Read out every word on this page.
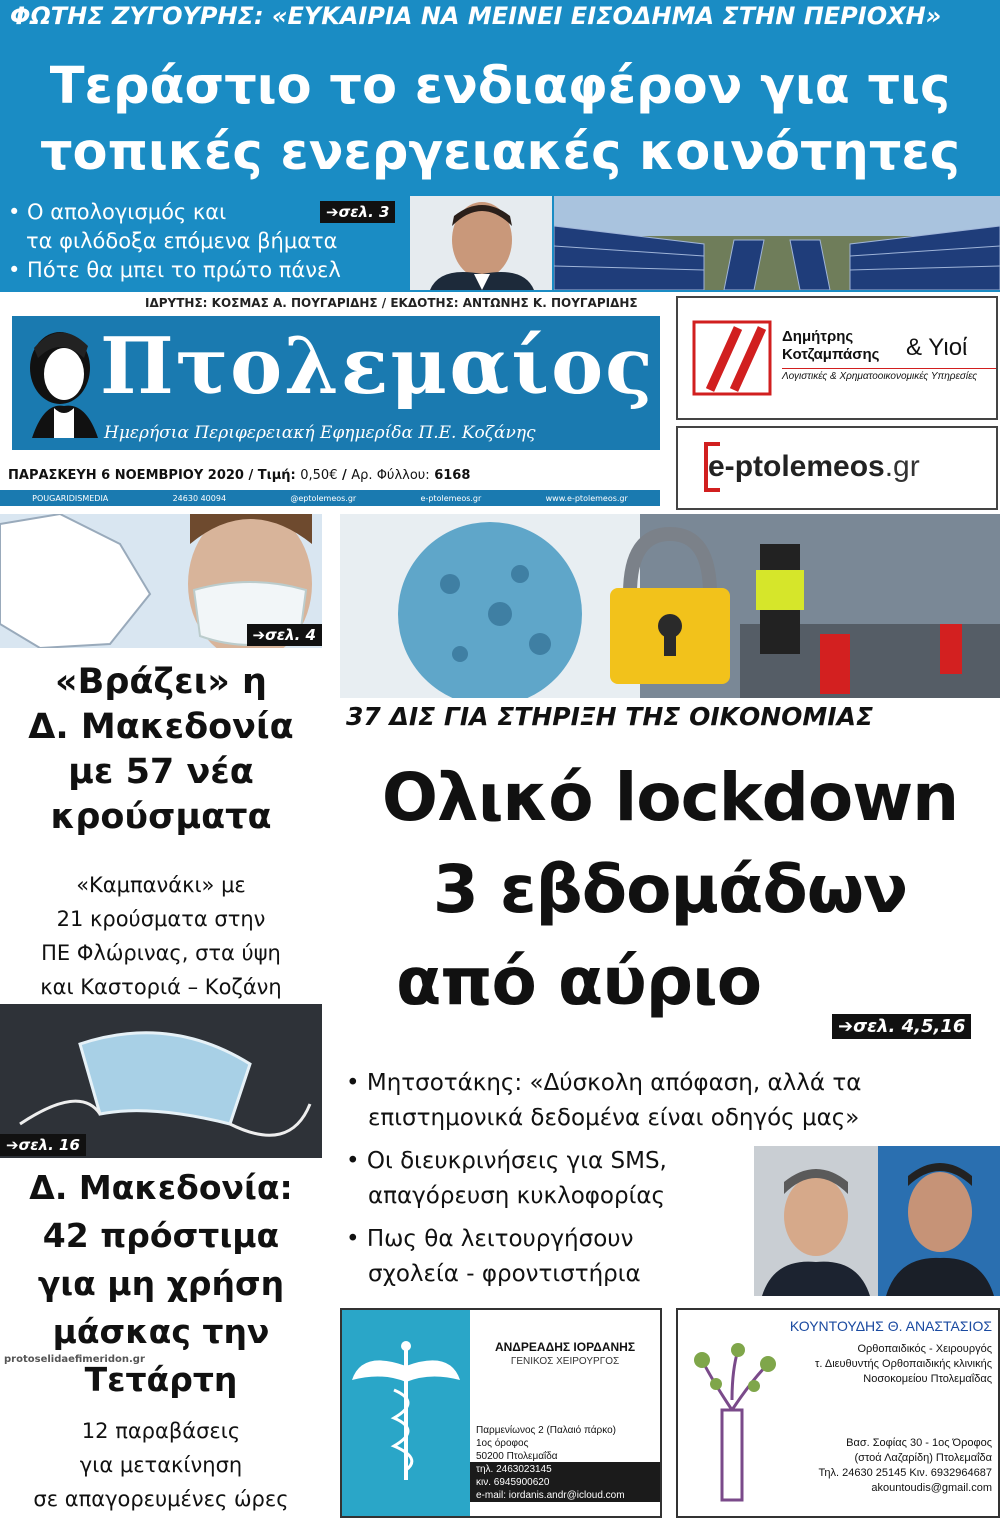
ΦΩΤΗΣ ΖΥΓΟΥΡΗΣ: «ΕΥΚΑΙΡΙΑ ΝΑ ΜΕΙΝΕΙ ΕΙΣΟΔΗΜΑ ΣΤΗΝ ΠΕΡΙΟΧΗ»
Τεράστιο το ενδιαφέρον για τις
τοπικές ενεργειακές κοινότητες
• Ο απολογισμός και
τα φιλόδοξα επόμενα βήματα
• Πότε θα μπει το πρώτο πάνελ
➔σελ. 3
ΙΔΡΥΤΗΣ: ΚΟΣΜΑΣ Α. ΠΟΥΓΑΡΙΔΗΣ / ΕΚΔΟΤΗΣ: ΑΝΤΩΝΗΣ Κ. ΠΟΥΓΑΡΙΔΗΣ
Πτολεμαίος
Ημερήσια Περιφερειακή Εφημερίδα Π.Ε. Κοζάνης
ΠΑΡΑΣΚΕΥΗ 6 ΝΟΕΜΒΡΙΟΥ 2020 / Τιμή: 0,50€ / Αρ. Φύλλου: 6168
POUGARIDISMEDIA	24630 40094	@eptolemeos.gr	e-ptolemeos.gr	www.e-ptolemeos.gr
Δημήτρης
Κοτζαμπάσης & Υιοί
Λογιστικές & Χρηματοοικονομικές Υπηρεσίες
e-ptolemeos.gr
➔σελ. 4
«Βράζει» η
Δ. Μακεδονία
με 57 νέα
κρούσματα
«Καμπανάκι» με
21 κρούσματα στην
ΠΕ Φλώρινας, στα ύψη
και Καστοριά – Κοζάνη
➔σελ. 16
Δ. Μακεδονία:
42 πρόστιμα
για μη χρήση
μάσκας την
Τετάρτη
12 παραβάσεις
για μετακίνηση
σε απαγορευμένες ώρες
protoselidaefimeridon.gr
37 ΔΙΣ ΓΙΑ ΣΤΗΡΙΞΗ ΤΗΣ ΟΙΚΟΝΟΜΙΑΣ
Ολικό lockdown
3 εβδομάδων
από αύριο
➔σελ. 4,5,16
• Μητσοτάκης: «Δύσκολη απόφαση, αλλά τα
επιστημονικά δεδομένα είναι οδηγός μας»
• Οι διευκρινήσεις για SMS,
απαγόρευση κυκλοφορίας
• Πως θα λειτουργήσουν
σχολεία - φροντιστήρια
ΑΝΔΡΕΑΔΗΣ ΙΟΡΔΑΝΗΣ
ΓΕΝΙΚΟΣ ΧΕΙΡΟΥΡΓΟΣ
Παρμενίωνος 2 (Παλαιό πάρκο)
1ος όροφος
50200 Πτολεμαΐδα
τηλ. 2463023145
κιν. 6945900620
e-mail: iordanis.andr@icloud.com
ΚΟΥΝΤΟΥΔΗΣ Θ. ΑΝΑΣΤΑΣΙΟΣ
Ορθοπαιδικός - Χειρουργός
τ. Διευθυντής Ορθοπαιδικής κλινικής
Νοσοκομείου Πτολεμαΐδας
Βασ. Σοφίας 30 - 1ος Όροφος
(στοά Λαζαρίδη) Πτολεμαΐδα
Τηλ. 24630 25145 Κιν. 6932964687
akountoudis@gmail.com
